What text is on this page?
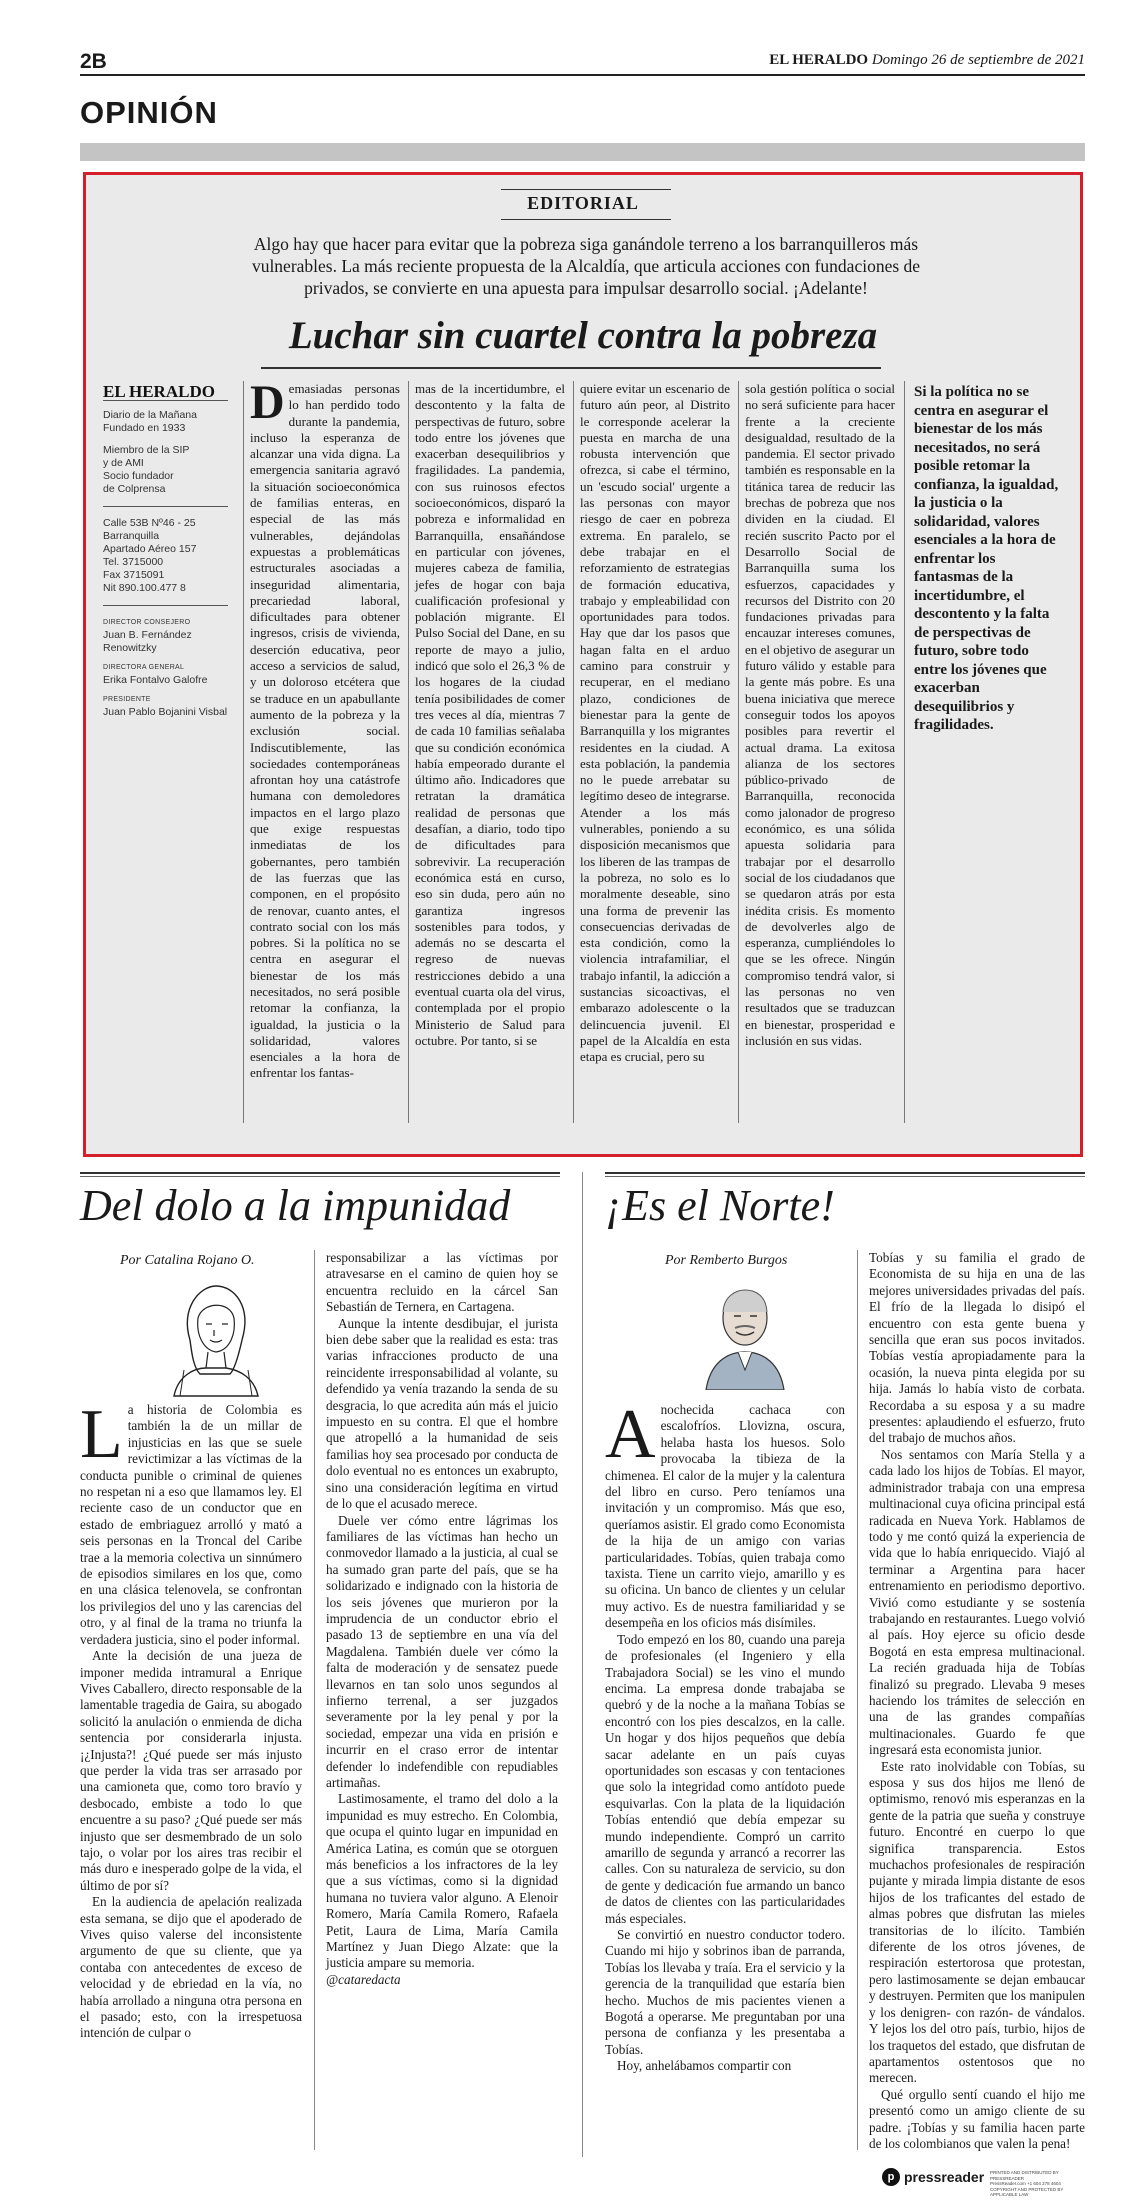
2B	EL HERALDO Domingo 26 de septiembre de 2021
OPINIÓN
EDITORIAL
Algo hay que hacer para evitar que la pobreza siga ganándole terreno a los barranquilleros más vulnerables. La más reciente propuesta de la Alcaldía, que articula acciones con fundaciones de privados, se convierte en una apuesta para impulsar desarrollo social. ¡Adelante!
Luchar sin cuartel contra la pobreza
EL HERALDO
Diario de la Mañana
Fundado en 1933
Miembro de la SIP
y de AMI
Socio fundador
de Colprensa
Calle 53B Nº46 - 25
Barranquilla
Apartado Aéreo 157
Tel. 3715000
Fax 3715091
Nit 890.100.477 8
DIRECTOR CONSEJERO
Juan B. Fernández Renowitzky
DIRECTORA GENERAL
Erika Fontalvo Galofre
PRESIDENTE
Juan Pablo Bojanini Visbal
Demasiadas personas lo han perdido todo durante la pandemia, incluso la esperanza de alcanzar una vida digna. La emergencia sanitaria agravó la situación socioeconómica de familias enteras, en especial de las más vulnerables, dejándolas expuestas a problemáticas estructurales asociadas a inseguridad alimentaria, precariedad laboral, dificultades para obtener ingresos, crisis de vivienda, deserción educativa, peor acceso a servicios de salud, y un doloroso etcétera que se traduce en un apabullante aumento de la pobreza y la exclusión social. Indiscutiblemente, las sociedades contemporáneas afrontan hoy una catástrofe humana con demoledores impactos en el largo plazo que exige respuestas inmediatas de los gobernantes, pero también de las fuerzas que las componen, en el propósito de renovar, cuanto antes, el contrato social con los más pobres. Si la política no se centra en asegurar el bienestar de los más necesitados, no será posible retomar la confianza, la igualdad, la justicia o la solidaridad, valores esenciales a la hora de enfrentar los fantas-
mas de la incertidumbre, el descontento y la falta de perspectivas de futuro, sobre todo entre los jóvenes que exacerban desequilibrios y fragilidades. La pandemia, con sus ruinosos efectos socioeconómicos, disparó la pobreza e informalidad en Barranquilla, ensañándose en particular con jóvenes, mujeres cabeza de familia, jefes de hogar con baja cualificación profesional y población migrante. El Pulso Social del Dane, en su reporte de mayo a julio, indicó que solo el 26,3 % de los hogares de la ciudad tenía posibilidades de comer tres veces al día, mientras 7 de cada 10 familias señalaba que su condición económica había empeorado durante el último año. Indicadores que retratan la dramática realidad de personas que desafían, a diario, todo tipo de dificultades para sobrevivir. La recuperación económica está en curso, eso sin duda, pero aún no garantiza ingresos sostenibles para todos, y además no se descarta el regreso de nuevas restricciones debido a una eventual cuarta ola del virus, contemplada por el propio Ministerio de Salud para octubre. Por tanto, si se
quiere evitar un escenario de futuro aún peor, al Distrito le corresponde acelerar la puesta en marcha de una robusta intervención que ofrezca, si cabe el término, un 'escudo social' urgente a las personas con mayor riesgo de caer en pobreza extrema. En paralelo, se debe trabajar en el reforzamiento de estrategias de formación educativa, trabajo y empleabilidad con oportunidades para todos. Hay que dar los pasos que hagan falta en el arduo camino para construir y recuperar, en el mediano plazo, condiciones de bienestar para la gente de Barranquilla y los migrantes residentes en la ciudad. A esta población, la pandemia no le puede arrebatar su legítimo deseo de integrarse. Atender a los más vulnerables, poniendo a su disposición mecanismos que los liberen de las trampas de la pobreza, no solo es lo moralmente deseable, sino una forma de prevenir las consecuencias derivadas de esta condición, como la violencia intrafamiliar, el trabajo infantil, la adicción a sustancias sicoactivas, el embarazo adolescente o la delincuencia juvenil. El papel de la Alcaldía en esta etapa es crucial, pero su
sola gestión política o social no será suficiente para hacer frente a la creciente desigualdad, resultado de la pandemia. El sector privado también es responsable en la titánica tarea de reducir las brechas de pobreza que nos dividen en la ciudad. El recién suscrito Pacto por el Desarrollo Social de Barranquilla suma los esfuerzos, capacidades y recursos del Distrito con 20 fundaciones privadas para encauzar intereses comunes, en el objetivo de asegurar un futuro válido y estable para la gente más pobre. Es una buena iniciativa que merece conseguir todos los apoyos posibles para revertir el actual drama. La exitosa alianza de los sectores público-privado de Barranquilla, reconocida como jalonador de progreso económico, es una sólida apuesta solidaria para trabajar por el desarrollo social de los ciudadanos que se quedaron atrás por esta inédita crisis. Es momento de devolverles algo de esperanza, cumpliéndoles lo que se les ofrece. Ningún compromiso tendrá valor, si las personas no ven resultados que se traduzcan en bienestar, prosperidad e inclusión en sus vidas.
Si la política no se centra en asegurar el bienestar de los más necesitados, no será posible retomar la confianza, la igualdad, la justicia o la solidaridad, valores esenciales a la hora de enfrentar los fantasmas de la incertidumbre, el descontento y la falta de perspectivas de futuro, sobre todo entre los jóvenes que exacerban desequilibrios y fragilidades.
Del dolo a la impunidad
Por Catalina Rojano O.

La historia de Colombia es también la de un millar de injusticias en las que se suele revictimizar a las víctimas de la conducta punible o criminal de quienes no respetan ni a eso que llamamos ley. El reciente caso de un conductor que en estado de embriaguez arrolló y mató a seis personas en la Troncal del Caribe trae a la memoria colectiva un sinnúmero de episodios similares en los que, como en una clásica telenovela, se confrontan los privilegios del uno y las carencias del otro, y al final de la trama no triunfa la verdadera justicia, sino el poder informal.

Ante la decisión de una jueza de imponer medida intramural a Enrique Vives Caballero, directo responsable de la lamentable tragedia de Gaira, su abogado solicitó la anulación o enmienda de dicha sentencia por considerarla injusta. ¡¿Injusta?! ¿Qué puede ser más injusto que perder la vida tras ser arrasado por una camioneta que, como toro bravío y desbocado, embiste a todo lo que encuentre a su paso? ¿Qué puede ser más injusto que ser desmembrado de un solo tajo, o volar por los aires tras recibir el más duro e inesperado golpe de la vida, el último de por sí?

En la audiencia de apelación realizada esta semana, se dijo que el apoderado de Vives quiso valerse del inconsistente argumento de que su cliente, que ya contaba con antecedentes de exceso de velocidad y de ebriedad en la vía, no había arrollado a ninguna otra persona en el pasado; esto, con la irrespetuosa intención de culpar o

responsabilizar a las víctimas por atravesarse en el camino de quien hoy se encuentra recluido en la cárcel San Sebastián de Ternera, en Cartagena.

Aunque la intente desdibujar, el jurista bien debe saber que la realidad es esta: tras varias infracciones producto de una reincidente irresponsabilidad al volante, su defendido ya venía trazando la senda de su desgracia, lo que acredita aún más el juicio impuesto en su contra. El que el hombre que atropelló a la humanidad de seis familias hoy sea procesado por conducta de dolo eventual no es entonces un exabrupto, sino una consideración legítima en virtud de lo que el acusado merece.

Duele ver cómo entre lágrimas los familiares de las víctimas han hecho un conmovedor llamado a la justicia, al cual se ha sumado gran parte del país, que se ha solidarizado e indignado con la historia de los seis jóvenes que murieron por la imprudencia de un conductor ebrio el pasado 13 de septiembre en una vía del Magdalena. También duele ver cómo la falta de moderación y de sensatez puede llevarnos en tan solo unos segundos al infierno terrenal, a ser juzgados severamente por la ley penal y por la sociedad, empezar una vida en prisión e incurrir en el craso error de intentar defender lo indefendible con repudiables artimañas.

Lastimosamente, el tramo del dolo a la impunidad es muy estrecho. En Colombia, que ocupa el quinto lugar en impunidad en América Latina, es común que se otorguen más beneficios a los infractores de la ley que a sus víctimas, como si la dignidad humana no tuviera valor alguno. A Elenoir Romero, María Camila Romero, Rafaela Petit, Laura de Lima, María Camila Martínez y Juan Diego Alzate: que la justicia ampare su memoria.

@cataredacta

¡Es el Norte!
Por Remberto Burgos

Anochecida cachaca con escalofríos. Llovizna, oscura, helaba hasta los huesos. Solo provocaba la tibieza de la chimenea. El calor de la mujer y la calentura del libro en curso. Pero teníamos una invitación y un compromiso. Más que eso, queríamos asistir. El grado como Economista de la hija de un amigo con varias particularidades. Tobías, quien trabaja como taxista. Tiene un carrito viejo, amarillo y es su oficina. Un banco de clientes y un celular muy activo. Es de nuestra familiaridad y se desempeña en los oficios más disímiles.

Todo empezó en los 80, cuando una pareja de profesionales (el Ingeniero y ella Trabajadora Social) se les vino el mundo encima. La empresa donde trabajaba se quebró y de la noche a la mañana Tobías se encontró con los pies descalzos, en la calle. Un hogar y dos hijos pequeños que debía sacar adelante en un país cuyas oportunidades son escasas y con tentaciones que solo la integridad como antídoto puede esquivarlas. Con la plata de la liquidación Tobías entendió que debía empezar su mundo independiente. Compró un carrito amarillo de segunda y arrancó a recorrer las calles. Con su naturaleza de servicio, su don de gente y dedicación fue armando un banco de datos de clientes con las particularidades más especiales.

Se convirtió en nuestro conductor todero. Cuando mi hijo y sobrinos iban de parranda, Tobías los llevaba y traía. Era el servicio y la gerencia de la tranquilidad que estaría bien hecho. Muchos de mis pacientes vienen a Bogotá a operarse. Me preguntaban por una persona de confianza y les presentaba a Tobías.

Hoy, anhelábamos compartir con

Tobías y su familia el grado de Economista de su hija en una de las mejores universidades privadas del país. El frío de la llegada lo disipó el encuentro con esta gente buena y sencilla que eran sus pocos invitados. Tobías vestía apropiadamente para la ocasión, la nueva pinta elegida por su hija. Jamás lo había visto de corbata. Recordaba a su esposa y a su madre presentes: aplaudiendo el esfuerzo, fruto del trabajo de muchos años.

Nos sentamos con María Stella y a cada lado los hijos de Tobías. El mayor, administrador trabaja con una empresa multinacional cuya oficina principal está radicada en Nueva York. Hablamos de todo y me contó quizá la experiencia de vida que lo había enriquecido. Viajó al terminar a Argentina para hacer entrenamiento en periodismo deportivo. Vivió como estudiante y se sostenía trabajando en restaurantes. Luego volvió al país. Hoy ejerce su oficio desde Bogotá en esta empresa multinacional. La recién graduada hija de Tobías finalizó su pregrado. Llevaba 9 meses haciendo los trámites de selección en una de las grandes compañías multinacionales. Guardo fe que ingresará esta economista junior.

Este rato inolvidable con Tobías, su esposa y sus dos hijos me llenó de optimismo, renovó mis esperanzas en la gente de la patria que sueña y construye futuro. Encontré en cuerpo lo que significa transparencia. Estos muchachos profesionales de respiración pujante y mirada limpia distante de esos hijos de los traficantes del estado de almas pobres que disfrutan las mieles transitorias de lo ilícito. También diferente de los otros jóvenes, de respiración estertorosa que protestan, pero lastimosamente se dejan embaucar y destruyen. Permiten que los manipulen y los denigren- con razón- de vándalos. Y lejos los del otro país, turbio, hijos de los traquetos del estado, que disfrutan de apartamentos ostentosos que no merecen.

Qué orgullo sentí cuando el hijo me presentó como un amigo cliente de su padre. ¡Tobías y su familia hacen parte de los colombianos que valen la pena!

p pressreader PRINTED AND DISTRIBUTED BY PRESSREADER
PressReader.com +1 604 278 4604
COPYRIGHT AND PROTECTED BY APPLICABLE LAW
